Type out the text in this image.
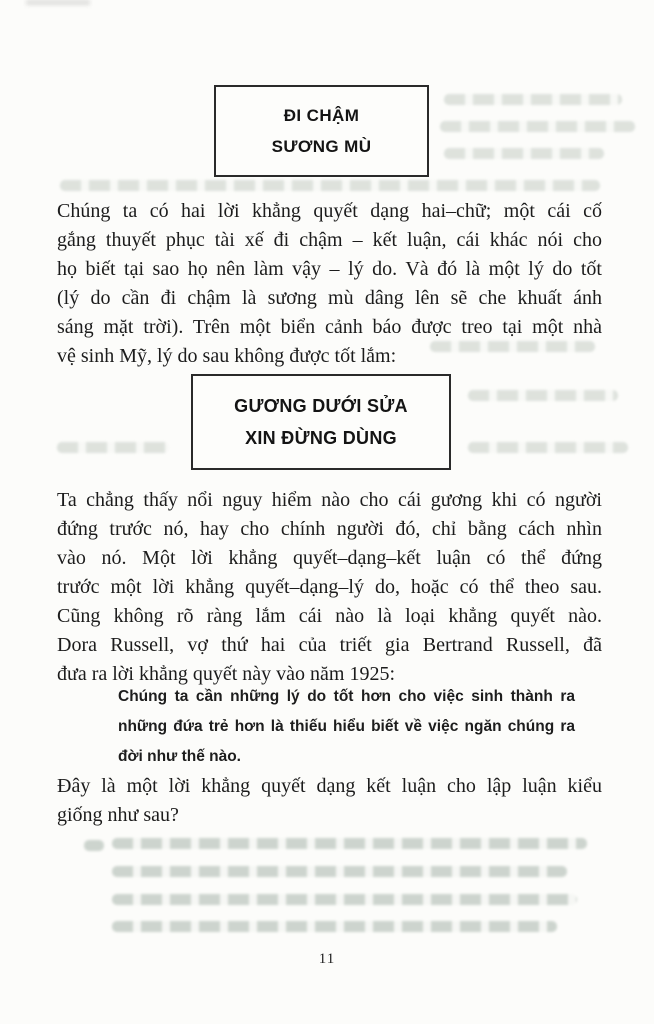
ĐI CHẬM
SƯƠNG MÙ
Chúng ta có hai lời khẳng quyết dạng hai–chữ; một cái cố
gắng thuyết phục tài xế đi chậm – kết luận, cái khác nói cho
họ biết tại sao họ nên làm vậy – lý do. Và đó là một lý do tốt
(lý do cần đi chậm là sương mù dâng lên sẽ che khuất ánh
sáng mặt trời). Trên một biển cảnh báo được treo tại một nhà
vệ sinh Mỹ, lý do sau không được tốt lắm:
GƯƠNG DƯỚI SỬA
XIN ĐỪNG DÙNG
Ta chẳng thấy nổi nguy hiểm nào cho cái gương khi có người
đứng trước nó, hay cho chính người đó, chỉ bằng cách nhìn
vào nó. Một lời khẳng quyết–dạng–kết luận có thể đứng
trước một lời khẳng quyết–dạng–lý do, hoặc có thể theo sau.
Cũng không rõ ràng lắm cái nào là loại khẳng quyết nào.
Dora Russell, vợ thứ hai của triết gia Bertrand Russell, đã
đưa ra lời khẳng quyết này vào năm 1925:
Chúng ta cần những lý do tốt hơn cho việc sinh thành ra
những đứa trẻ hơn là thiếu hiểu biết về việc ngăn chúng ra
đời như thế nào.
Đây là một lời khẳng quyết dạng kết luận cho lập luận kiểu
giống như sau?
11
